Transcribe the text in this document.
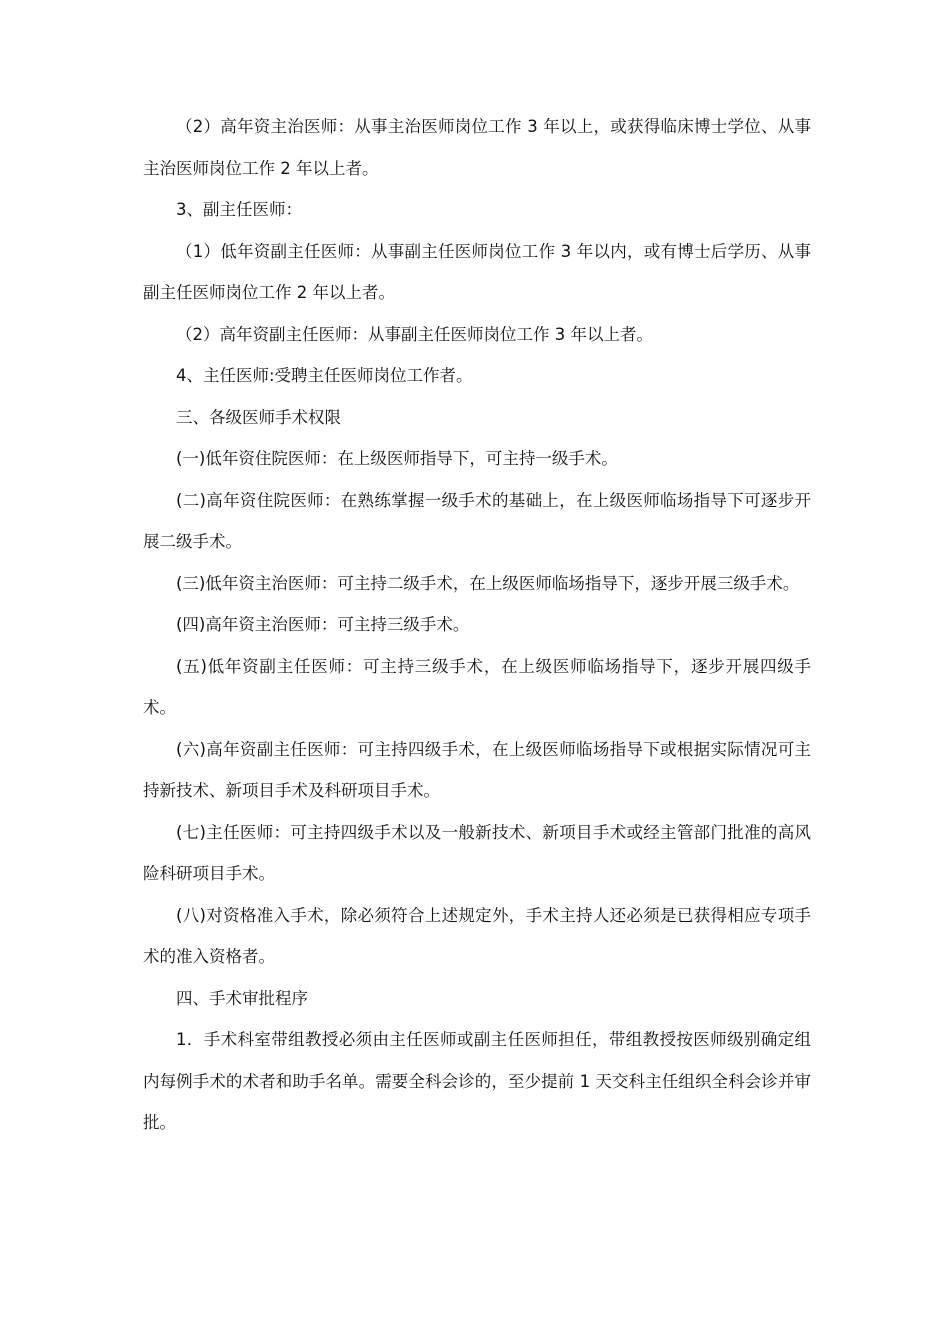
（2）高年资主治医师：从事主治医师岗位工作 3 年以上，或获得临床博士学位、从事主治医师岗位工作 2 年以上者。

3、副主任医师：

（1）低年资副主任医师：从事副主任医师岗位工作 3 年以内，或有博士后学历、从事副主任医师岗位工作 2 年以上者。

（2）高年资副主任医师：从事副主任医师岗位工作 3 年以上者。

4、主任医师:受聘主任医师岗位工作者。

三、各级医师手术权限

(一)低年资住院医师：在上级医师指导下，可主持一级手术。

(二)高年资住院医师：在熟练掌握一级手术的基础上，在上级医师临场指导下可逐步开展二级手术。

(三)低年资主治医师：可主持二级手术，在上级医师临场指导下，逐步开展三级手术。

(四)高年资主治医师：可主持三级手术。

(五)低年资副主任医师：可主持三级手术，在上级医师临场指导下，逐步开展四级手术。

(六)高年资副主任医师：可主持四级手术，在上级医师临场指导下或根据实际情况可主持新技术、新项目手术及科研项目手术。

(七)主任医师：可主持四级手术以及一般新技术、新项目手术或经主管部门批准的高风险科研项目手术。

(八)对资格准入手术，除必须符合上述规定外，手术主持人还必须是已获得相应专项手术的准入资格者。

四、手术审批程序

1．手术科室带组教授必须由主任医师或副主任医师担任，带组教授按医师级别确定组内每例手术的术者和助手名单。需要全科会诊的，至少提前 1 天交科主任组织全科会诊并审批。
